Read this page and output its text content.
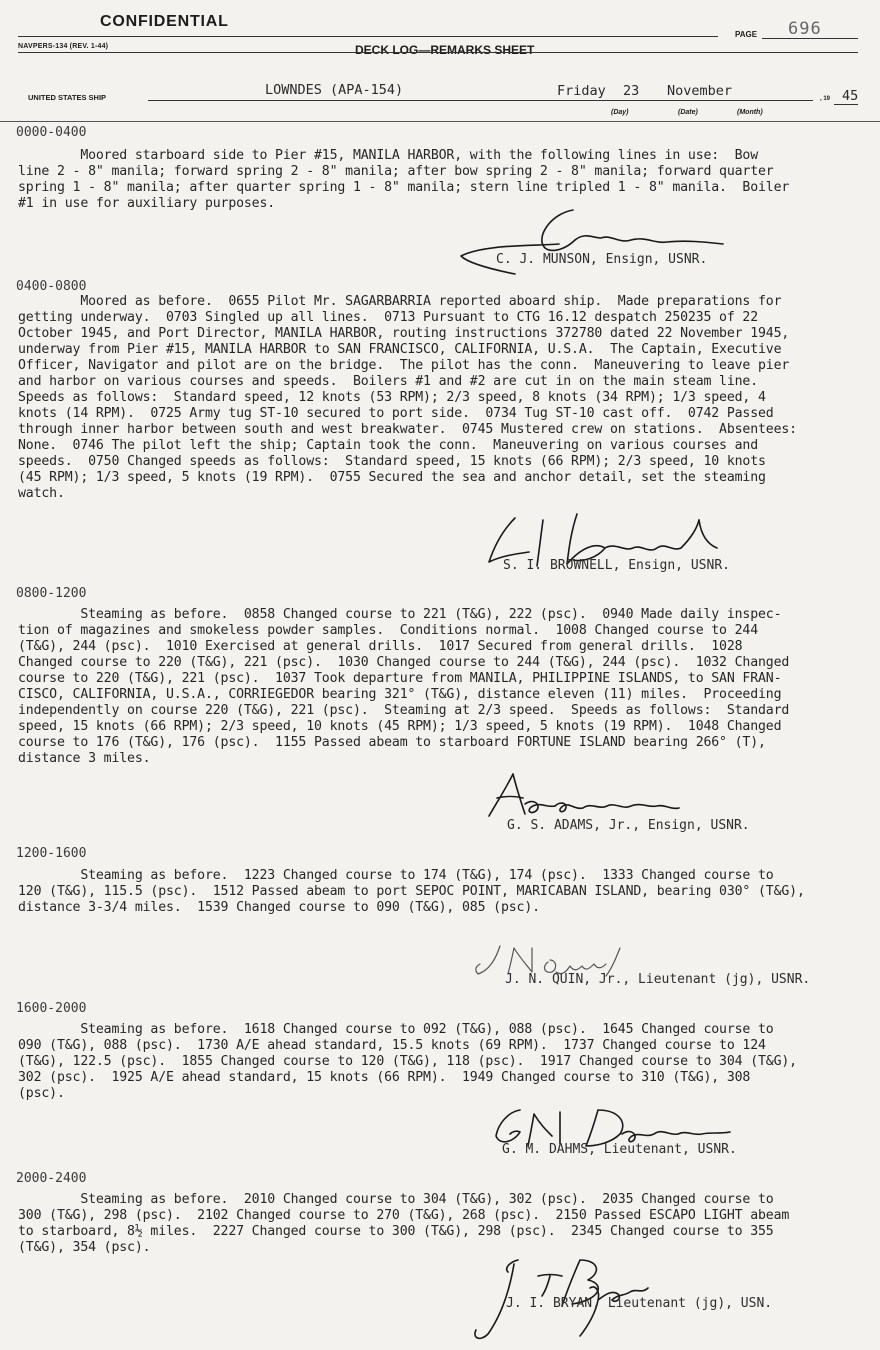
CONFIDENTIAL
NAVPERS-134 (REV. 1-44)	DECK LOG—REMARKS SHEET
PAGE 696
UNITED STATES SHIP	LOWNDES (APA-154)	Friday 23 November	, 19 45
(Day)	(Date)	(Month)
0000-0400
Moored starboard side to Pier #15, MANILA HARBOR, with the following lines in use:  Bow
line 2 - 8" manila; forward spring 2 - 8" manila; after bow spring 2 - 8" manila; forward quarter
spring 1 - 8" manila; after quarter spring 1 - 8" manila; stern line tripled 1 - 8" manila.  Boiler
#1 in use for auxiliary purposes.
C. J. MUNSON, Ensign, USNR.
0400-0800
Moored as before.  0655 Pilot Mr. SAGARBARRIA reported aboard ship.  Made preparations for
getting underway.  0703 Singled up all lines.  0713 Pursuant to CTG 16.12 despatch 250235 of 22
October 1945, and Port Director, MANILA HARBOR, routing instructions 372780 dated 22 November 1945,
underway from Pier #15, MANILA HARBOR to SAN FRANCISCO, CALIFORNIA, U.S.A.  The Captain, Executive
Officer, Navigator and pilot are on the bridge.  The pilot has the conn.  Maneuvering to leave pier
and harbor on various courses and speeds.  Boilers #1 and #2 are cut in on the main steam line.
Speeds as follows:  Standard speed, 12 knots (53 RPM); 2/3 speed, 8 knots (34 RPM); 1/3 speed, 4
knots (14 RPM).  0725 Army tug ST-10 secured to port side.  0734 Tug ST-10 cast off.  0742 Passed
through inner harbor between south and west breakwater.  0745 Mustered crew on stations.  Absentees:
None.  0746 The pilot left the ship; Captain took the conn.  Maneuvering on various courses and
speeds.  0750 Changed speeds as follows:  Standard speed, 15 knots (66 RPM); 2/3 speed, 10 knots
(45 RPM); 1/3 speed, 5 knots (19 RPM).  0755 Secured the sea and anchor detail, set the steaming
watch.
S. I. BROWNELL, Ensign, USNR.
0800-1200
Steaming as before.  0858 Changed course to 221 (T&G), 222 (psc).  0940 Made daily inspec-
tion of magazines and smokeless powder samples.  Conditions normal.  1008 Changed course to 244
(T&G), 244 (psc).  1010 Exercised at general drills.  1017 Secured from general drills.  1028
Changed course to 220 (T&G), 221 (psc).  1030 Changed course to 244 (T&G), 244 (psc).  1032 Changed
course to 220 (T&G), 221 (psc).  1037 Took departure from MANILA, PHILIPPINE ISLANDS, to SAN FRAN-
CISCO, CALIFORNIA, U.S.A., CORRIEGEDOR bearing 321° (T&G), distance eleven (11) miles.  Proceeding
independently on course 220 (T&G), 221 (psc).  Steaming at 2/3 speed.  Speeds as follows:  Standard
speed, 15 knots (66 RPM); 2/3 speed, 10 knots (45 RPM); 1/3 speed, 5 knots (19 RPM).  1048 Changed
course to 176 (T&G), 176 (psc).  1155 Passed abeam to starboard FORTUNE ISLAND bearing 266° (T),
distance 3 miles.
G. S. ADAMS, Jr., Ensign, USNR.
1200-1600
Steaming as before.  1223 Changed course to 174 (T&G), 174 (psc).  1333 Changed course to
120 (T&G), 115.5 (psc).  1512 Passed abeam to port SEPOC POINT, MARICABAN ISLAND, bearing 030° (T&G),
distance 3-3/4 miles.  1539 Changed course to 090 (T&G), 085 (psc).
J. N. QUIN, Jr., Lieutenant (jg), USNR.
1600-2000
Steaming as before.  1618 Changed course to 092 (T&G), 088 (psc).  1645 Changed course to
090 (T&G), 088 (psc).  1730 A/E ahead standard, 15.5 knots (69 RPM).  1737 Changed course to 124
(T&G), 122.5 (psc).  1855 Changed course to 120 (T&G), 118 (psc).  1917 Changed course to 304 (T&G),
302 (psc).  1925 A/E ahead standard, 15 knots (66 RPM).  1949 Changed course to 310 (T&G), 308
(psc).
G. M. DAHMS, Lieutenant, USNR.
2000-2400
Steaming as before.  2010 Changed course to 304 (T&G), 302 (psc).  2035 Changed course to
300 (T&G), 298 (psc).  2102 Changed course to 270 (T&G), 268 (psc).  2150 Passed ESCAPO LIGHT abeam
to starboard, 8½ miles.  2227 Changed course to 300 (T&G), 298 (psc).  2345 Changed course to 355
(T&G), 354 (psc).
J. I. BRYAN, Lieutenant (jg), USN.
